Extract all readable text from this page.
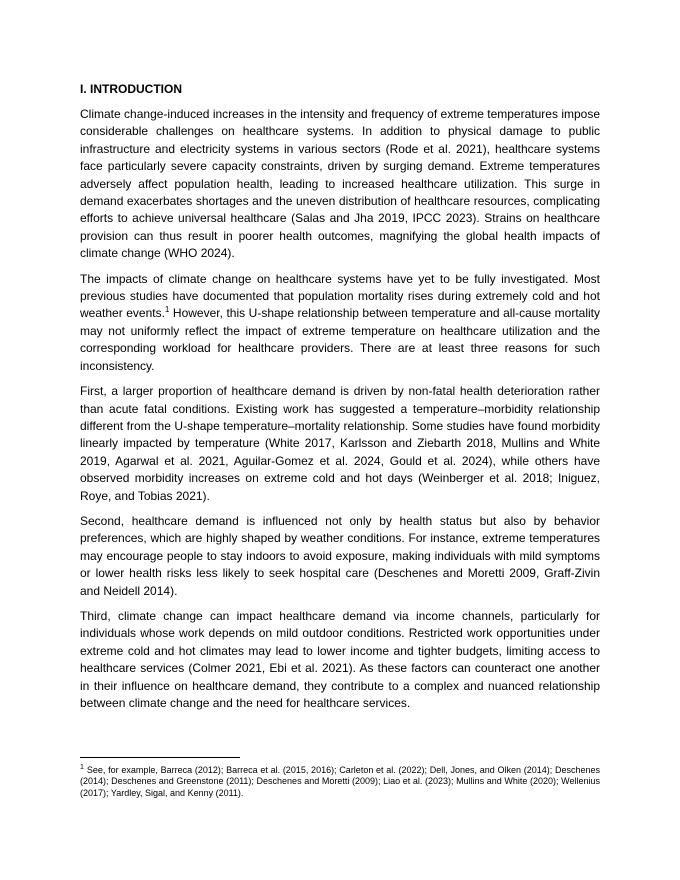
I. INTRODUCTION

Climate change-induced increases in the intensity and frequency of extreme temperatures impose considerable challenges on healthcare systems. In addition to physical damage to public infrastructure and electricity systems in various sectors (Rode et al. 2021), healthcare systems face particularly severe capacity constraints, driven by surging demand. Extreme temperatures adversely affect population health, leading to increased healthcare utilization. This surge in demand exacerbates shortages and the uneven distribution of healthcare resources, complicating efforts to achieve universal healthcare (Salas and Jha 2019, IPCC 2023). Strains on healthcare provision can thus result in poorer health outcomes, magnifying the global health impacts of climate change (WHO 2024).

The impacts of climate change on healthcare systems have yet to be fully investigated. Most previous studies have documented that population mortality rises during extremely cold and hot weather events.$^1$ However, this U-shape relationship between temperature and all-cause mortality may not uniformly reflect the impact of extreme temperature on healthcare utilization and the corresponding workload for healthcare providers. There are at least three reasons for such inconsistency.

First, a larger proportion of healthcare demand is driven by non-fatal health deterioration rather than acute fatal conditions. Existing work has suggested a temperature–morbidity relationship different from the U-shape temperature–mortality relationship. Some studies have found morbidity linearly impacted by temperature (White 2017, Karlsson and Ziebarth 2018, Mullins and White 2019, Agarwal et al. 2021, Aguilar-Gomez et al. 2024, Gould et al. 2024), while others have observed morbidity increases on extreme cold and hot days (Weinberger et al. 2018; Iniguez, Roye, and Tobias 2021).

Second, healthcare demand is influenced not only by health status but also by behavior preferences, which are highly shaped by weather conditions. For instance, extreme temperatures may encourage people to stay indoors to avoid exposure, making individuals with mild symptoms or lower health risks less likely to seek hospital care (Deschenes and Moretti 2009, Graff-Zivin and Neidell 2014).

Third, climate change can impact healthcare demand via income channels, particularly for individuals whose work depends on mild outdoor conditions. Restricted work opportunities under extreme cold and hot climates may lead to lower income and tighter budgets, limiting access to healthcare services (Colmer 2021, Ebi et al. 2021). As these factors can counteract one another in their influence on healthcare demand, they contribute to a complex and nuanced relationship between climate change and the need for healthcare services.

$^1$ See, for example, Barreca (2012); Barreca et al. (2015, 2016); Carleton et al. (2022); Dell, Jones, and Olken (2014); Deschenes (2014); Deschenes and Greenstone (2011); Deschenes and Moretti (2009); Liao et al. (2023); Mullins and White (2020); Wellenius (2017); Yardley, Sigal, and Kenny (2011).
